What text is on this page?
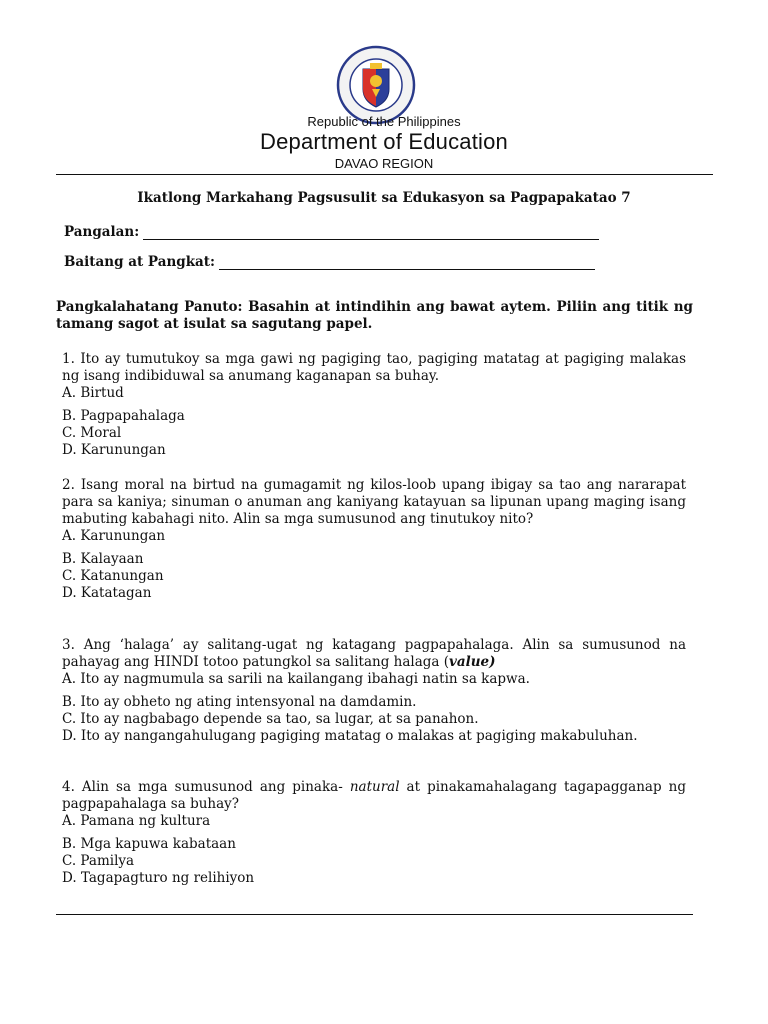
Republic of the Philippines
Department of Education
DAVAO REGION
Ikatlong Markahang Pagsusulit sa Edukasyon sa Pagpapakatao 7
Pangalan:
Baitang at Pangkat:
Pangkalahatang Panuto: Basahin at intindihin ang bawat aytem. Piliin ang titik ng tamang sagot at isulat sa sagutang papel.

1. Ito ay tumutukoy sa mga gawi ng pagiging tao, pagiging matatag at pagiging malakas ng isang indibiduwal sa anumang kaganapan sa buhay.

A. Birtud

B. Pagpapahalaga

C. Moral

D. Karunungan

2. Isang moral na birtud na gumagamit ng kilos-loob upang ibigay sa tao ang nararapat para sa kaniya; sinuman o anuman ang kaniyang katayuan sa lipunan upang maging isang mabuting kabahagi nito. Alin sa mga sumusunod ang tinutukoy nito?

A. Karunungan

B. Kalayaan

C. Katanungan

D. Katatagan

3. Ang ‘halaga’ ay salitang-ugat ng katagang pagpapahalaga. Alin sa sumusunod na pahayag ang HINDI totoo patungkol sa salitang halaga (value)

A. Ito ay nagmumula sa sarili na kailangang ibahagi natin sa kapwa.

B. Ito ay obheto ng ating intensyonal na damdamin.

C. Ito ay nagbabago depende sa tao, sa lugar, at sa panahon.

D. Ito ay nangangahulugang pagiging matatag o malakas at pagiging makabuluhan.

4. Alin sa mga sumusunod ang pinaka- natural at pinakamahalagang tagapagganap ng pagpapahalaga sa buhay?

A. Pamana ng kultura

B. Mga kapuwa kabataan

C. Pamilya

D. Tagapagturo ng relihiyon
